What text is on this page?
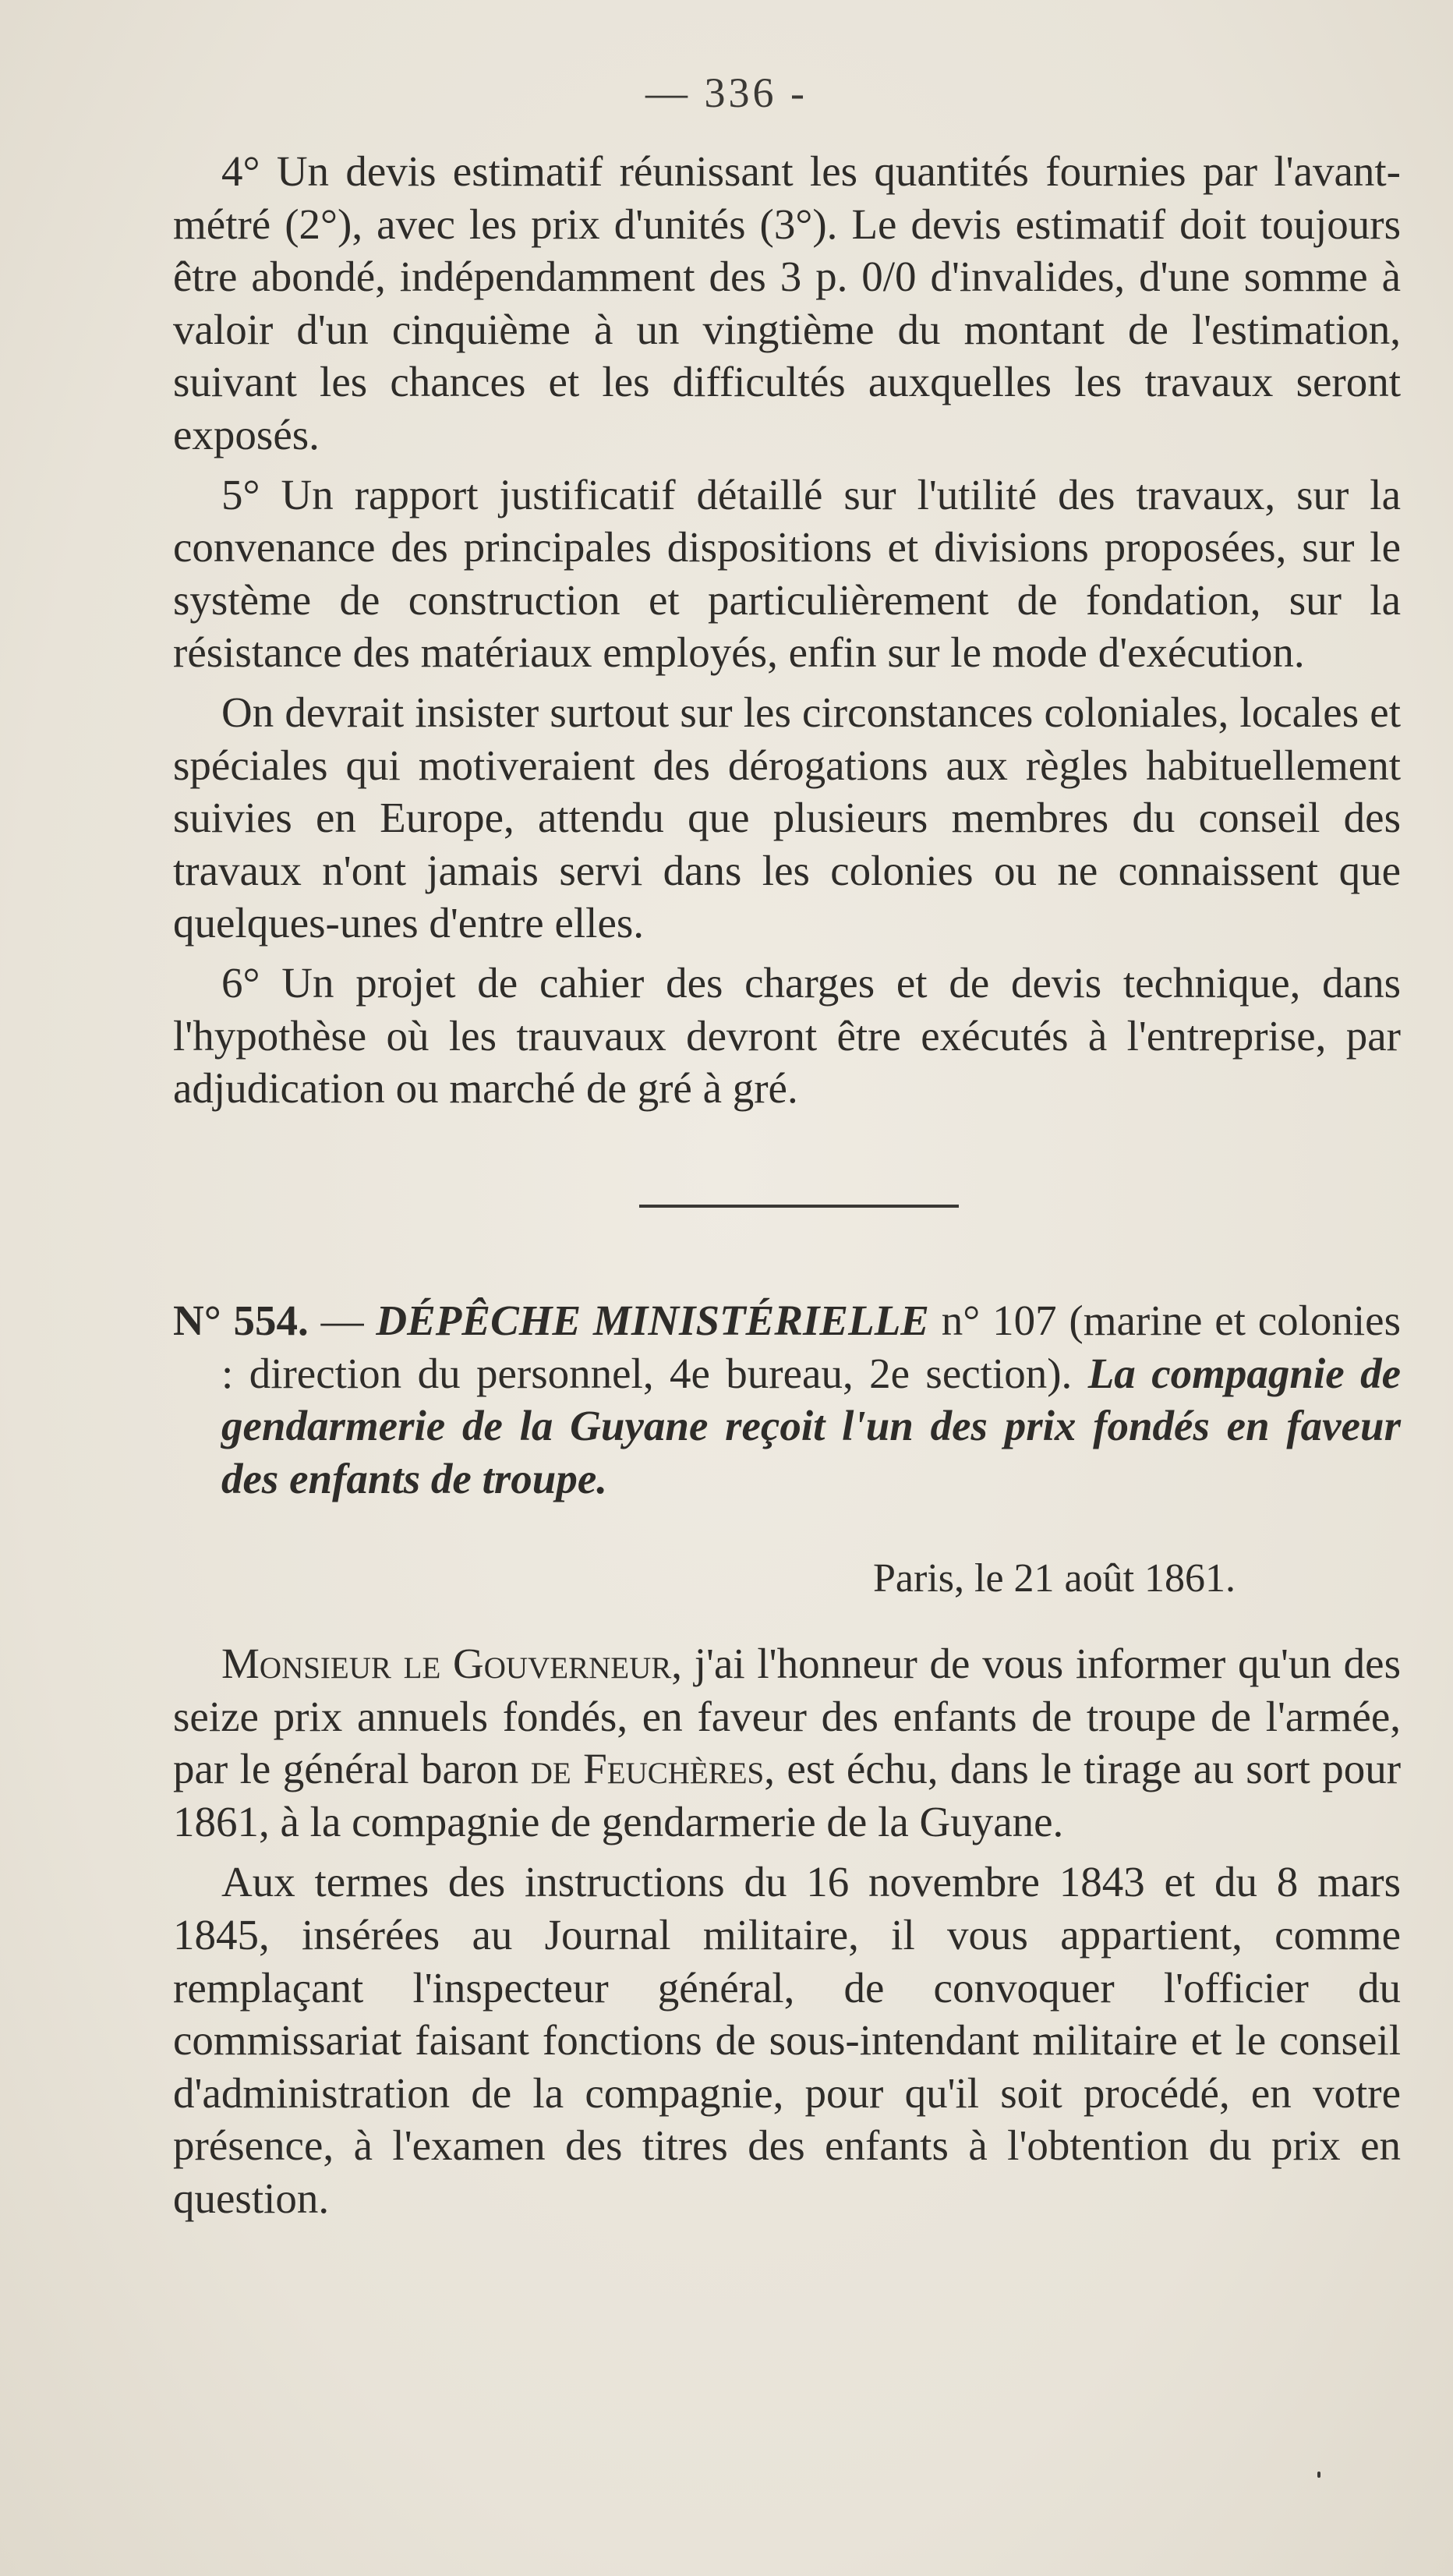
— 336 -

4° Un devis estimatif réunissant les quantités fournies par l'avant-métré (2°), avec les prix d'unités (3°). Le devis estimatif doit toujours être abondé, indépendamment des 3 p. 0/0 d'invalides, d'une somme à valoir d'un cinquième à un vingtième du montant de l'estimation, suivant les chances et les difficultés auxquelles les travaux seront exposés.

5° Un rapport justificatif détaillé sur l'utilité des travaux, sur la convenance des principales dispositions et divisions proposées, sur le système de construction et particulièrement de fondation, sur la résistance des matériaux employés, enfin sur le mode d'exécution.

On devrait insister surtout sur les circonstances coloniales, locales et spéciales qui motiveraient des dérogations aux règles habituellement suivies en Europe, attendu que plusieurs membres du conseil des travaux n'ont jamais servi dans les colonies ou ne connaissent que quelques-unes d'entre elles.

6° Un projet de cahier des charges et de devis technique, dans l'hypothèse où les trauvaux devront être exécutés à l'entreprise, par adjudication ou marché de gré à gré.

N° 554. — DÉPÊCHE MINISTÉRIELLE n° 107 (marine et colonies : direction du personnel, 4e bureau, 2e section). La compagnie de gendarmerie de la Guyane reçoit l'un des prix fondés en faveur des enfants de troupe.

Paris, le 21 août 1861.

Monsieur le Gouverneur, j'ai l'honneur de vous informer qu'un des seize prix annuels fondés, en faveur des enfants de troupe de l'armée, par le général baron de Feuchères, est échu, dans le tirage au sort pour 1861, à la compagnie de gendarmerie de la Guyane.

Aux termes des instructions du 16 novembre 1843 et du 8 mars 1845, insérées au Journal militaire, il vous appartient, comme remplaçant l'inspecteur général, de convoquer l'officier du commissariat faisant fonctions de sous-intendant militaire et le conseil d'administration de la compagnie, pour qu'il soit procédé, en votre présence, à l'examen des titres des enfants à l'obtention du prix en question.
